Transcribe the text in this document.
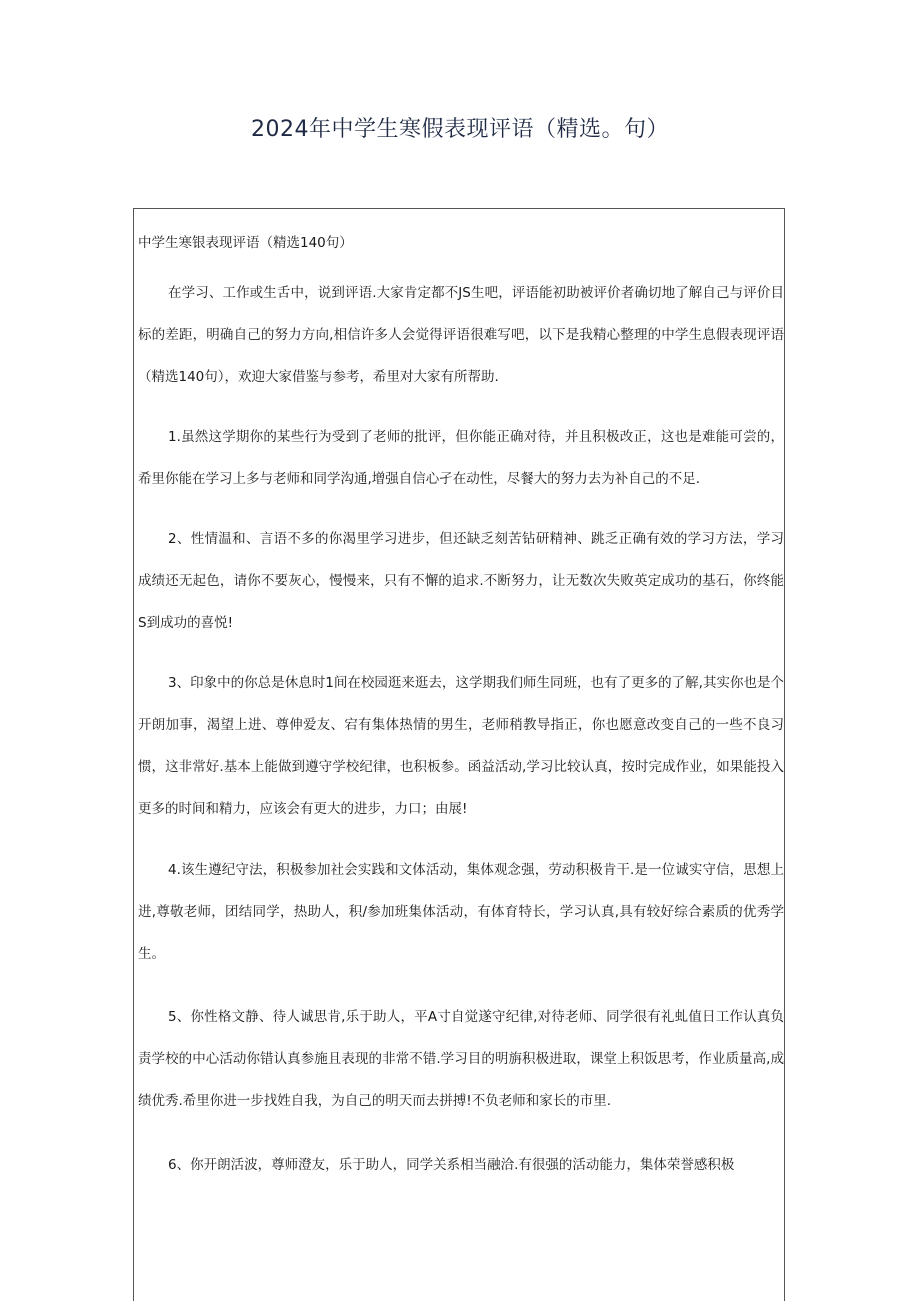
2024年中学生寒假表现评语（精选。句）
中学生寒银表现评语（精选140句）

在学习、工作或生舌中，说到评语.大家肯定都不JS生吧，评语能初助被评价者确切地了解自己与评价目标的差距，明确自己的努力方向,相信许多人会觉得评语很难写吧，以下是我精心整理的中学生息假表现评语（精选140句），欢迎大家借鉴与参考，希里对大家有所帮助.

1.虽然这学期你的某些行为受到了老师的批评，但你能正确对待，并且积极改正，这也是难能可尝的，希里你能在学习上多与老师和同学沟通,增强自信心孑在动性，尽餐大的努力去为补自己的不足.

2、性情温和、言语不多的你渴里学习进步，但还缺乏刻苦钻研精神、跳乏正确有效的学习方法，学习成绩还无起色，请你不要灰心，慢慢来，只有不懈的追求.不断努力，让无数次失败英定成功的基石，你终能S到成功的喜悦!

3、印象中的你总是休息时1间在校园逛来逛去，这学期我们师生同班，也有了更多的了解,其实你也是个开朗加事，渴望上进、尊伸爱友、宕有集体热情的男生，老师稍教导指正，你也愿意改变自己的一些不良习惯，这非常好.基本上能做到遵守学校纪律，也积板参。函益活动,学习比较认真，按时完成作业，如果能投入更多的时间和精力，应该会有更大的进步，力口；由展!

4.该生遵纪守法，积极参加社会实践和文体活动，集体观念强，劳动积极肯干.是一位诚实守信，思想上进,尊敬老师，团结同学，热助人，积/参加班集体活动，有体育特长，学习认真,具有较好综合素质的优秀学生。

5、你性格文静、待人诚思肯,乐于助人，平A寸自觉遂守纪律,对待老师、同学很有礼虬值日工作认真负责学校的中心活动你错认真参施且表现的非常不错.学习目的明旃积极进取，课堂上积饭思考，作业质量高,成绩优秀.希里你进一步找姓自我，为自己的明天而去拼搏!不负老师和家长的市里.

6、你开朗活波，尊师澄友，乐于助人，同学关系相当融洽.有很强的活动能力，集体荣誉感积极
